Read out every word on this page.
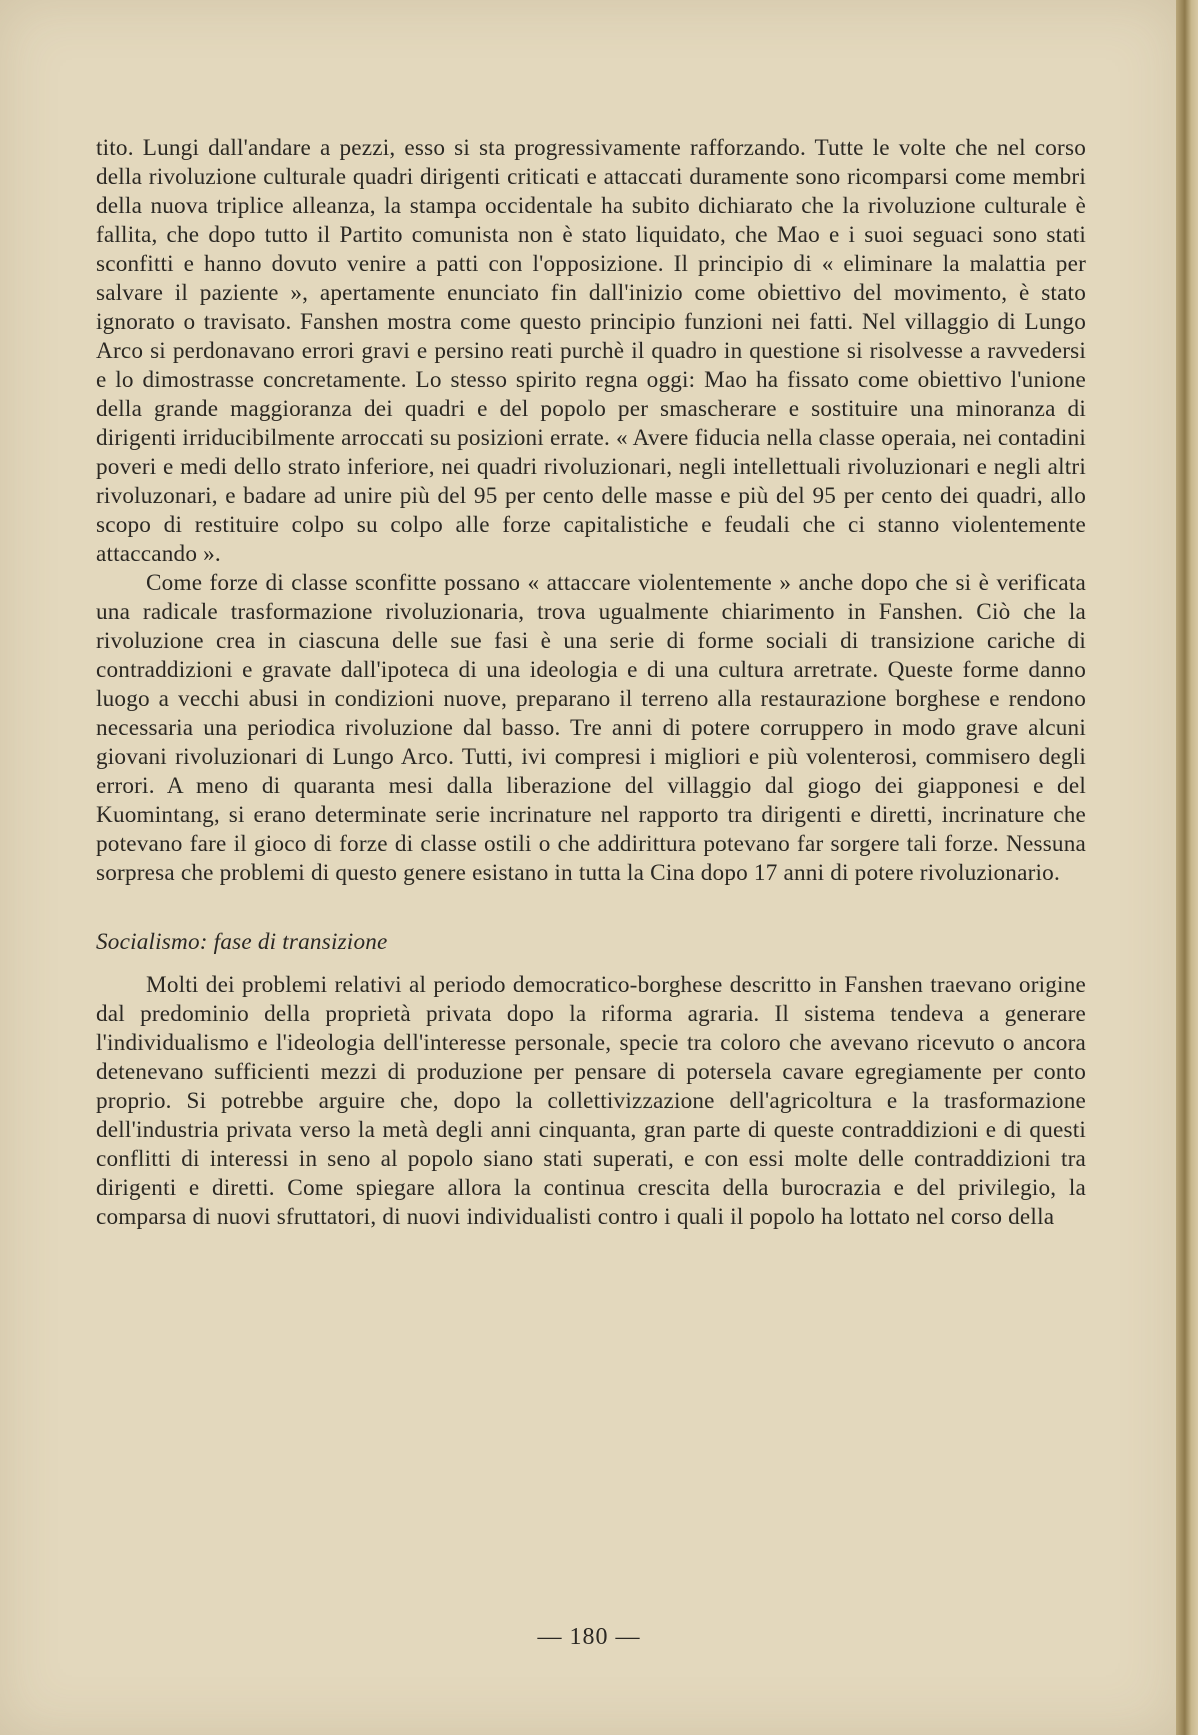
tito. Lungi dall'andare a pezzi, esso si sta progressivamente rafforzando. Tutte le volte che nel corso della rivoluzione culturale quadri dirigenti criticati e attaccati duramente sono ricomparsi come membri della nuova triplice alleanza, la stampa occidentale ha subito dichiarato che la rivoluzione culturale è fallita, che dopo tutto il Partito comunista non è stato liquidato, che Mao e i suoi seguaci sono stati sconfitti e hanno dovuto venire a patti con l'opposizione. Il principio di « eliminare la malattia per salvare il paziente », apertamente enunciato fin dall'inizio come obiettivo del movimento, è stato ignorato o travisato. Fanshen mostra come questo principio funzioni nei fatti. Nel villaggio di Lungo Arco si perdonavano errori gravi e persino reati purchè il quadro in questione si risolvesse a ravvedersi e lo dimostrasse concretamente. Lo stesso spirito regna oggi: Mao ha fissato come obiettivo l'unione della grande maggioranza dei quadri e del popolo per smascherare e sostituire una minoranza di dirigenti irriducibilmente arroccati su posizioni errate. « Avere fiducia nella classe operaia, nei contadini poveri e medi dello strato inferiore, nei quadri rivoluzionari, negli intellettuali rivoluzionari e negli altri rivoluzonari, e badare ad unire più del 95 per cento delle masse e più del 95 per cento dei quadri, allo scopo di restituire colpo su colpo alle forze capitalistiche e feudali che ci stanno violentemente attaccando ».

Come forze di classe sconfitte possano « attaccare violentemente » anche dopo che si è verificata una radicale trasformazione rivoluzionaria, trova ugualmente chiarimento in Fanshen. Ciò che la rivoluzione crea in ciascuna delle sue fasi è una serie di forme sociali di transizione cariche di contraddizioni e gravate dall'ipoteca di una ideologia e di una cultura arretrate. Queste forme danno luogo a vecchi abusi in condizioni nuove, preparano il terreno alla restaurazione borghese e rendono necessaria una periodica rivoluzione dal basso. Tre anni di potere corruppero in modo grave alcuni giovani rivoluzionari di Lungo Arco. Tutti, ivi compresi i migliori e più volenterosi, commisero degli errori. A meno di quaranta mesi dalla liberazione del villaggio dal giogo dei giapponesi e del Kuomintang, si erano determinate serie incrinature nel rapporto tra dirigenti e diretti, incrinature che potevano fare il gioco di forze di classe ostili o che addirittura potevano far sorgere tali forze. Nessuna sorpresa che problemi di questo genere esistano in tutta la Cina dopo 17 anni di potere rivoluzionario.

Socialismo: fase di transizione

Molti dei problemi relativi al periodo democratico-borghese descritto in Fanshen traevano origine dal predominio della proprietà privata dopo la riforma agraria. Il sistema tendeva a generare l'individualismo e l'ideologia dell'interesse personale, specie tra coloro che avevano ricevuto o ancora detenevano sufficienti mezzi di produzione per pensare di potersela cavare egregiamente per conto proprio. Si potrebbe arguire che, dopo la collettivizzazione dell'agricoltura e la trasformazione dell'industria privata verso la metà degli anni cinquanta, gran parte di queste contraddizioni e di questi conflitti di interessi in seno al popolo siano stati superati, e con essi molte delle contraddizioni tra dirigenti e diretti. Come spiegare allora la continua crescita della burocrazia e del privilegio, la comparsa di nuovi sfruttatori, di nuovi individualisti contro i quali il popolo ha lottato nel corso della

— 180 —
